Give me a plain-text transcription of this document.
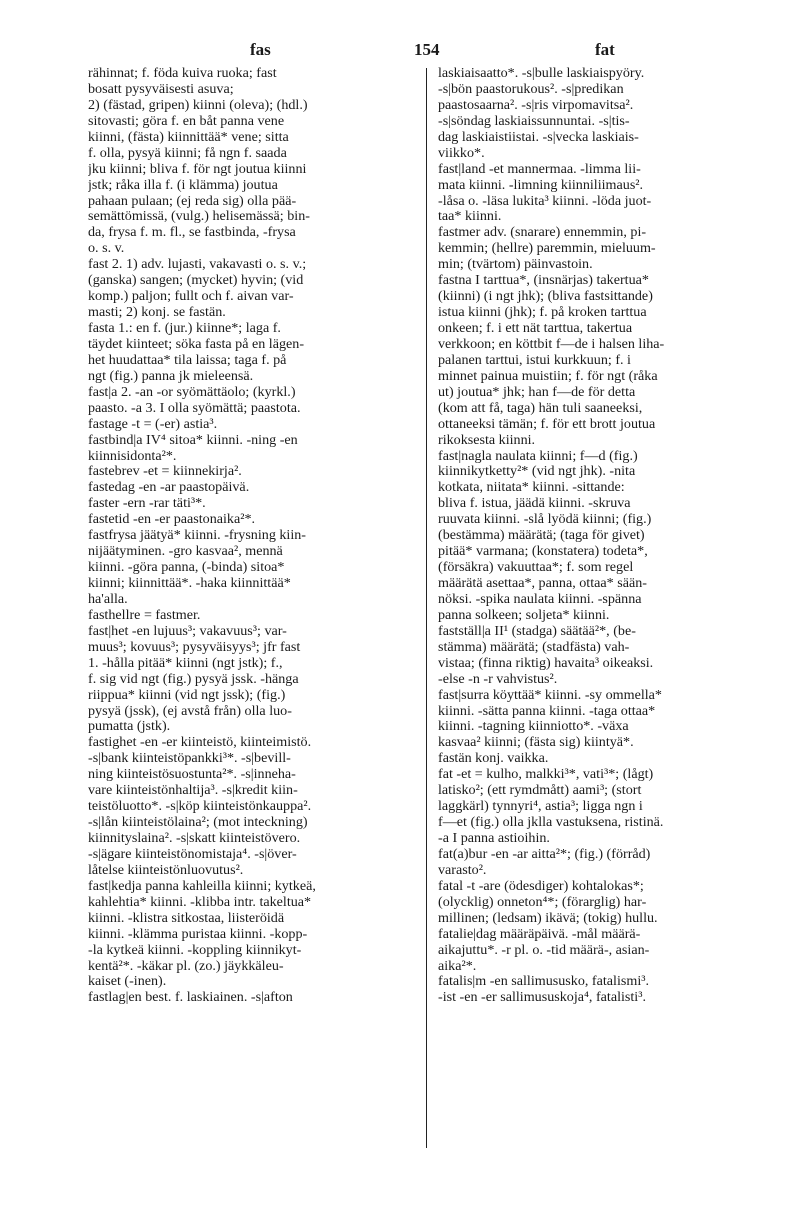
fas	154	fat
rähinnat; f. föda kuiva ruoka; fast
bosatt pysyväisesti asuva;
2) (fästad, gripen) kiinni (oleva); (hdl.)
sitovasti; göra f. en båt panna vene
kiinni, (fästa) kiinnittää* vene; sitta
f. olla, pysyä kiinni; få ngn f. saada
jku kiinni; bliva f. för ngt joutua kiinni
jstk; råka illa f. (i klämma) joutua
pahaan pulaan; (ej reda sig) olla pää-
semättömissä, (vulg.) helisemässä; bin-
da, frysa f. m. fl., se fastbinda, -frysa
o. s. v.
fast 2. 1) adv. lujasti, vakavasti o. s. v.;
(ganska) sangen; (mycket) hyvin; (vid
komp.) paljon; fullt och f. aivan var-
masti; 2) konj. se fastän.
fasta 1.: en f. (jur.) kiinne*; laga f.
täydet kiinteet; söka fasta på en lägen-
het huudattaa* tila laissa; taga f. på
ngt (fig.) panna jk mieleensä.
fast|a 2. -an -or syömättäolo; (kyrkl.)
paasto. -a 3. I olla syömättä; paastota.
fastage -t = (-er) astia³.
fastbind|a IV⁴ sitoa* kiinni. -ning -en
kiinnisidonta²*.
fastebrev -et = kiinnekirja².
fastedag -en -ar paastopäivä.
faster -ern -rar täti³*.
fastetid -en -er paastonaika²*.
fastfrysa jäätyä* kiinni. -frysning kiin-
nijäätyminen. -gro kasvaa², mennä
kiinni. -göra panna, (-binda) sitoa*
kiinni; kiinnittää*. -haka kiinnittää*
ha'alla.
fasthellre = fastmer.
fast|het -en lujuus³; vakavuus³; var-
muus³; kovuus³; pysyväisyys³; jfr fast
1. -hålla pitää* kiinni (ngt jstk); f.,
f. sig vid ngt (fig.) pysyä jssk. -hänga
riippua* kiinni (vid ngt jssk); (fig.)
pysyä (jssk), (ej avstå från) olla luo-
pumatta (jstk).
fastighet -en -er kiinteistö, kiinteimistö.
-s|bank kiinteistöpankki³*. -s|bevill-
ning kiinteistösuostunta²*. -s|inneha-
vare kiinteistönhaltija³. -s|kredit kiin-
teistöluotto*. -s|köp kiinteistönkauppa².
-s|lån kiinteistölaina²; (mot inteckning)
kiinnityslaina². -s|skatt kiinteistövero.
-s|ägare kiinteistönomistaja⁴. -s|över-
låtelse kiinteistönluovutus².
fast|kedja panna kahleilla kiinni; kytkeä,
kahlehtia* kiinni. -klibba intr. takeltua*
kiinni. -klistra sitkostaa, liisteröidä
kiinni. -klämma puristaa kiinni. -kopp-
-la kytkeä kiinni. -koppling kiinnikyt-
kentä²*. -käkar pl. (zo.) jäykkäleu-
kaiset (-inen).
fastlag|en best. f. laskiainen. -s|afton
laskiaisaatto*. -s|bulle laskiaispyöry.
-s|bön paastorukous². -s|predikan
paastosaarna². -s|ris virpomavitsa².
-s|söndag laskiaissunnuntai. -s|tis-
dag laskiaistiistai. -s|vecka laskiais-
viikko*.
fast|land -et mannermaa. -limma lii-
mata kiinni. -limning kiinniliimaus².
-låsa o. -läsa lukita³ kiinni. -löda juot-
taa* kiinni.
fastmer adv. (snarare) ennemmin, pi-
kemmin; (hellre) paremmin, mieluum-
min; (tvärtom) päinvastoin.
fastna I tarttua*, (insnärjas) takertua*
(kiinni) (i ngt jhk); (bliva fastsittande)
istua kiinni (jhk); f. på kroken tarttua
onkeen; f. i ett nät tarttua, takertua
verkkoon; en köttbit f—de i halsen liha-
palanen tarttui, istui kurkkuun; f. i
minnet painua muistiin; f. för ngt (råka
ut) joutua* jhk; han f—de för detta
(kom att få, taga) hän tuli saaneeksi,
ottaneeksi tämän; f. för ett brott joutua
rikoksesta kiinni.
fast|nagla naulata kiinni; f—d (fig.)
kiinnikytketty²* (vid ngt jhk). -nita
kotkata, niitata* kiinni. -sittande:
bliva f. istua, jäädä kiinni. -skruva
ruuvata kiinni. -slå lyödä kiinni; (fig.)
(bestämma) määrätä; (taga för givet)
pitää* varmana; (konstatera) todeta*,
(försäkra) vakuuttaa*; f. som regel
määrätä asettaa*, panna, ottaa* sään-
nöksi. -spika naulata kiinni. -spänna
panna solkeen; soljeta* kiinni.
fastställ|a II¹ (stadga) säätää²*, (be-
stämma) määrätä; (stadfästa) vah-
vistaa; (finna riktig) havaita³ oikeaksi.
-else -n -r vahvistus².
fast|surra köyttää* kiinni. -sy ommella*
kiinni. -sätta panna kiinni. -taga ottaa*
kiinni. -tagning kiinniotto*. -växa
kasvaa² kiinni; (fästa sig) kiintyä*.
fastän konj. vaikka.
fat -et = kulho, malkki³*, vati³*; (lågt)
latisko²; (ett rymdmått) aami³; (stort
laggkärl) tynnyri⁴, astia³; ligga ngn i
f—et (fig.) olla jklla vastuksena, ristinä.
-a I panna astioihin.
fat(a)bur -en -ar aitta²*; (fig.) (förråd)
varasto².
fatal -t -are (ödesdiger) kohtalokas*;
(olycklig) onneton⁴*; (förarglig) har-
millinen; (ledsam) ikävä; (tokig) hullu.
fatalie|dag määräpäivä. -mål määrä-
aikajuttu*. -r pl. o. -tid määrä-, asian-
aika²*.
fatalis|m -en sallimususko, fatalismi³.
-ist -en -er sallimususkoja⁴, fatalisti³.
